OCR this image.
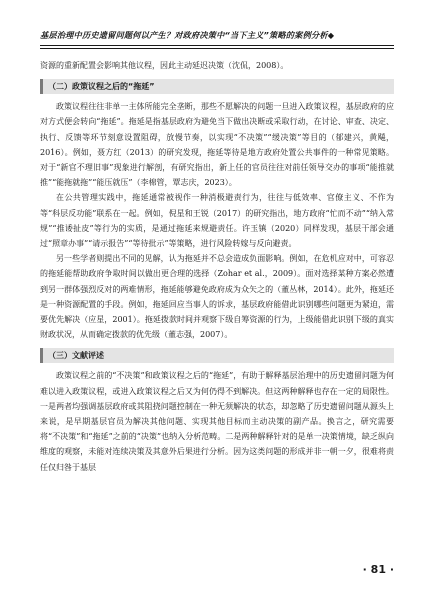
基层治理中历史遗留问题何以产生？对政府决策中“当下主义”策略的案例分析◆

资源的重新配置会影响其他议程，因此主动延迟决策（沈侃，2008）。

（二）政策议程之后的“拖延”

政策议程往往非单一主体所能完全垄断，那些不愿解决的问题一旦进入政策议程，基层政府的应对方式便会转向“拖延”。拖延是指基层政府为避免当下做出决断或采取行动，在讨论、审查、决定、执行、反馈等环节刻意设置阻碍，放慢节奏，以实现“不决策”“缓决策”等目的（郁建兴，黄飚，2016）。例如，聂方红（2013）的研究发现，拖延等待是地方政府处置公共事件的一种常见策略。对于“新官不理旧事”现象进行解剖，有研究指出，新上任的官员往往对前任领导交办的事项“能推就推”“能拖就拖”“能压就压”（李棉管，覃志庆，2023）。

在公共管理实践中，拖延通常被视作一种消极避责行为，往往与低效率、官僚主义、不作为等“科层反功能”联系在一起。例如，倪星和王锐（2017）的研究指出，地方政府“忙而不动”“纳入常规”“推诿扯皮”等行为的实质，是通过拖延来规避责任。许玉镇（2020）同样发现，基层干部会通过“照章办事”“请示报告”“等待批示”等策略，进行风险转嫁与反向避责。

另一些学者则提出不同的见解，认为拖延并不总会造成负面影响。例如，在危机应对中，可容忍的拖延能帮助政府争取时间以做出更合理的选择（Zohar et al.，2009）。面对选择某种方案必然遭到另一群体强烈反对的两难情形，拖延能够避免政府成为众矢之的（董丛林，2014）。此外，拖延还是一种资源配置的手段。例如，拖延回应当事人的诉求，基层政府能借此识别哪些问题更为紧迫，需要优先解决（应星，2001）。拖延拨款时间并观察下级自筹资源的行为，上级能借此识别下级的真实财政状况，从而确定拨款的优先级（董志强，2007）。

（三）文献评述

政策议程之前的“不决策”和政策议程之后的“拖延”，有助于解释基层治理中的历史遗留问题为何难以进入政策议程，或进入政策议程之后又为何仍得不到解决。但这两种解释也存在一定的局限性。一是两者均强调基层政府或其阻挠问题控制在一种无须解决的状态，却忽略了历史遗留问题从源头上来说，是早期基层官员为解决其他问题、实现其他目标而主动决策的副产品。换言之，研究需要将“不决策”和“拖延”之前的“决策”也纳入分析范畴。二是两种解释针对的是单一决策情境，缺乏纵向维度的观察，未能对连续决策及其意外后果进行分析。因为这类问题的形成并非一朝一夕，很难将责任仅归咎于基层

· 81 ·
